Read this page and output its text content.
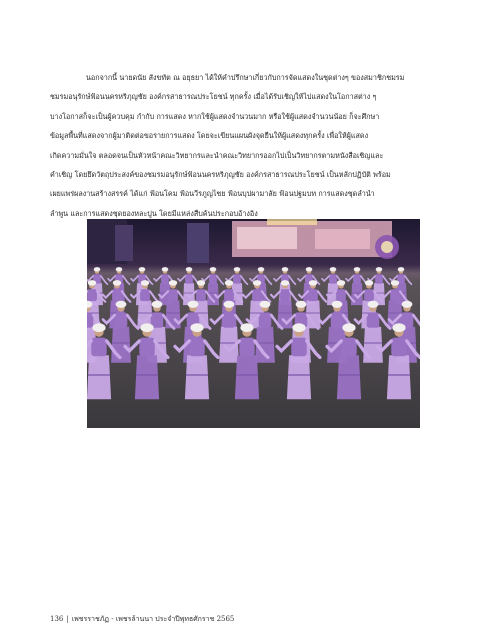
นอกจากนี้ นายดนัย สังขทัต ณ อยุธยา ได้ให้คำปรึกษาเกี่ยวกับการจัดแสดงในชุดต่างๆ ของสมาชิกชมรม
ชมรมอนุรักษ์ฟ้อนนครหริภุญชัย องค์กรสาธารณประโยชน์ ทุกครั้ง เมื่อได้รับเชิญให้ไปแสดงในโอกาสต่าง ๆ
บางโอกาสก็จะเป็นผู้ควบคุม กำกับ การแสดง หากใช้ผู้แสดงจำนวนมาก หรือใช้ผู้แสดงจำนวนน้อย ก็จะศึกษา
ข้อมูลพื้นที่แสดงจากผู้มาติดต่อขอรายการแสดง โดยจะเขียนแผนผังจุดยืนให้ผู้แสดงทุกครั้ง เพื่อให้ผู้แสดง
เกิดความมั่นใจ ตลอดจนเป็นหัวหน้าคณะวิทยากรและนำคณะวิทยากรออกไปเป็นวิทยากรตามหนังสือเชิญและ
คำเชิญ โดยยึดวัตถุประสงค์ของชมรมอนุรักษ์ฟ้อนนครหริภุญชัย องค์กรสาธารณประโยชน์ เป็นหลักปฏิบัติ พร้อม
เผยแพร่ผลงานสร้างสรรค์ ได้แก่ ฟ้อนโคม ฟ้อนวีรภูญไชย ฟ้อนบุปผามาลัย ฟ้อนปฐมบท การแสดงชุดลำนำ
ลำพูน และการแสดงชุดยองหละปูน โดยมีแหล่งสืบค้นประกอบอ้างอิง
136 | เพชรราชภัฏ - เพชรล้านนา ประจำปีพุทธศักราช 2565
